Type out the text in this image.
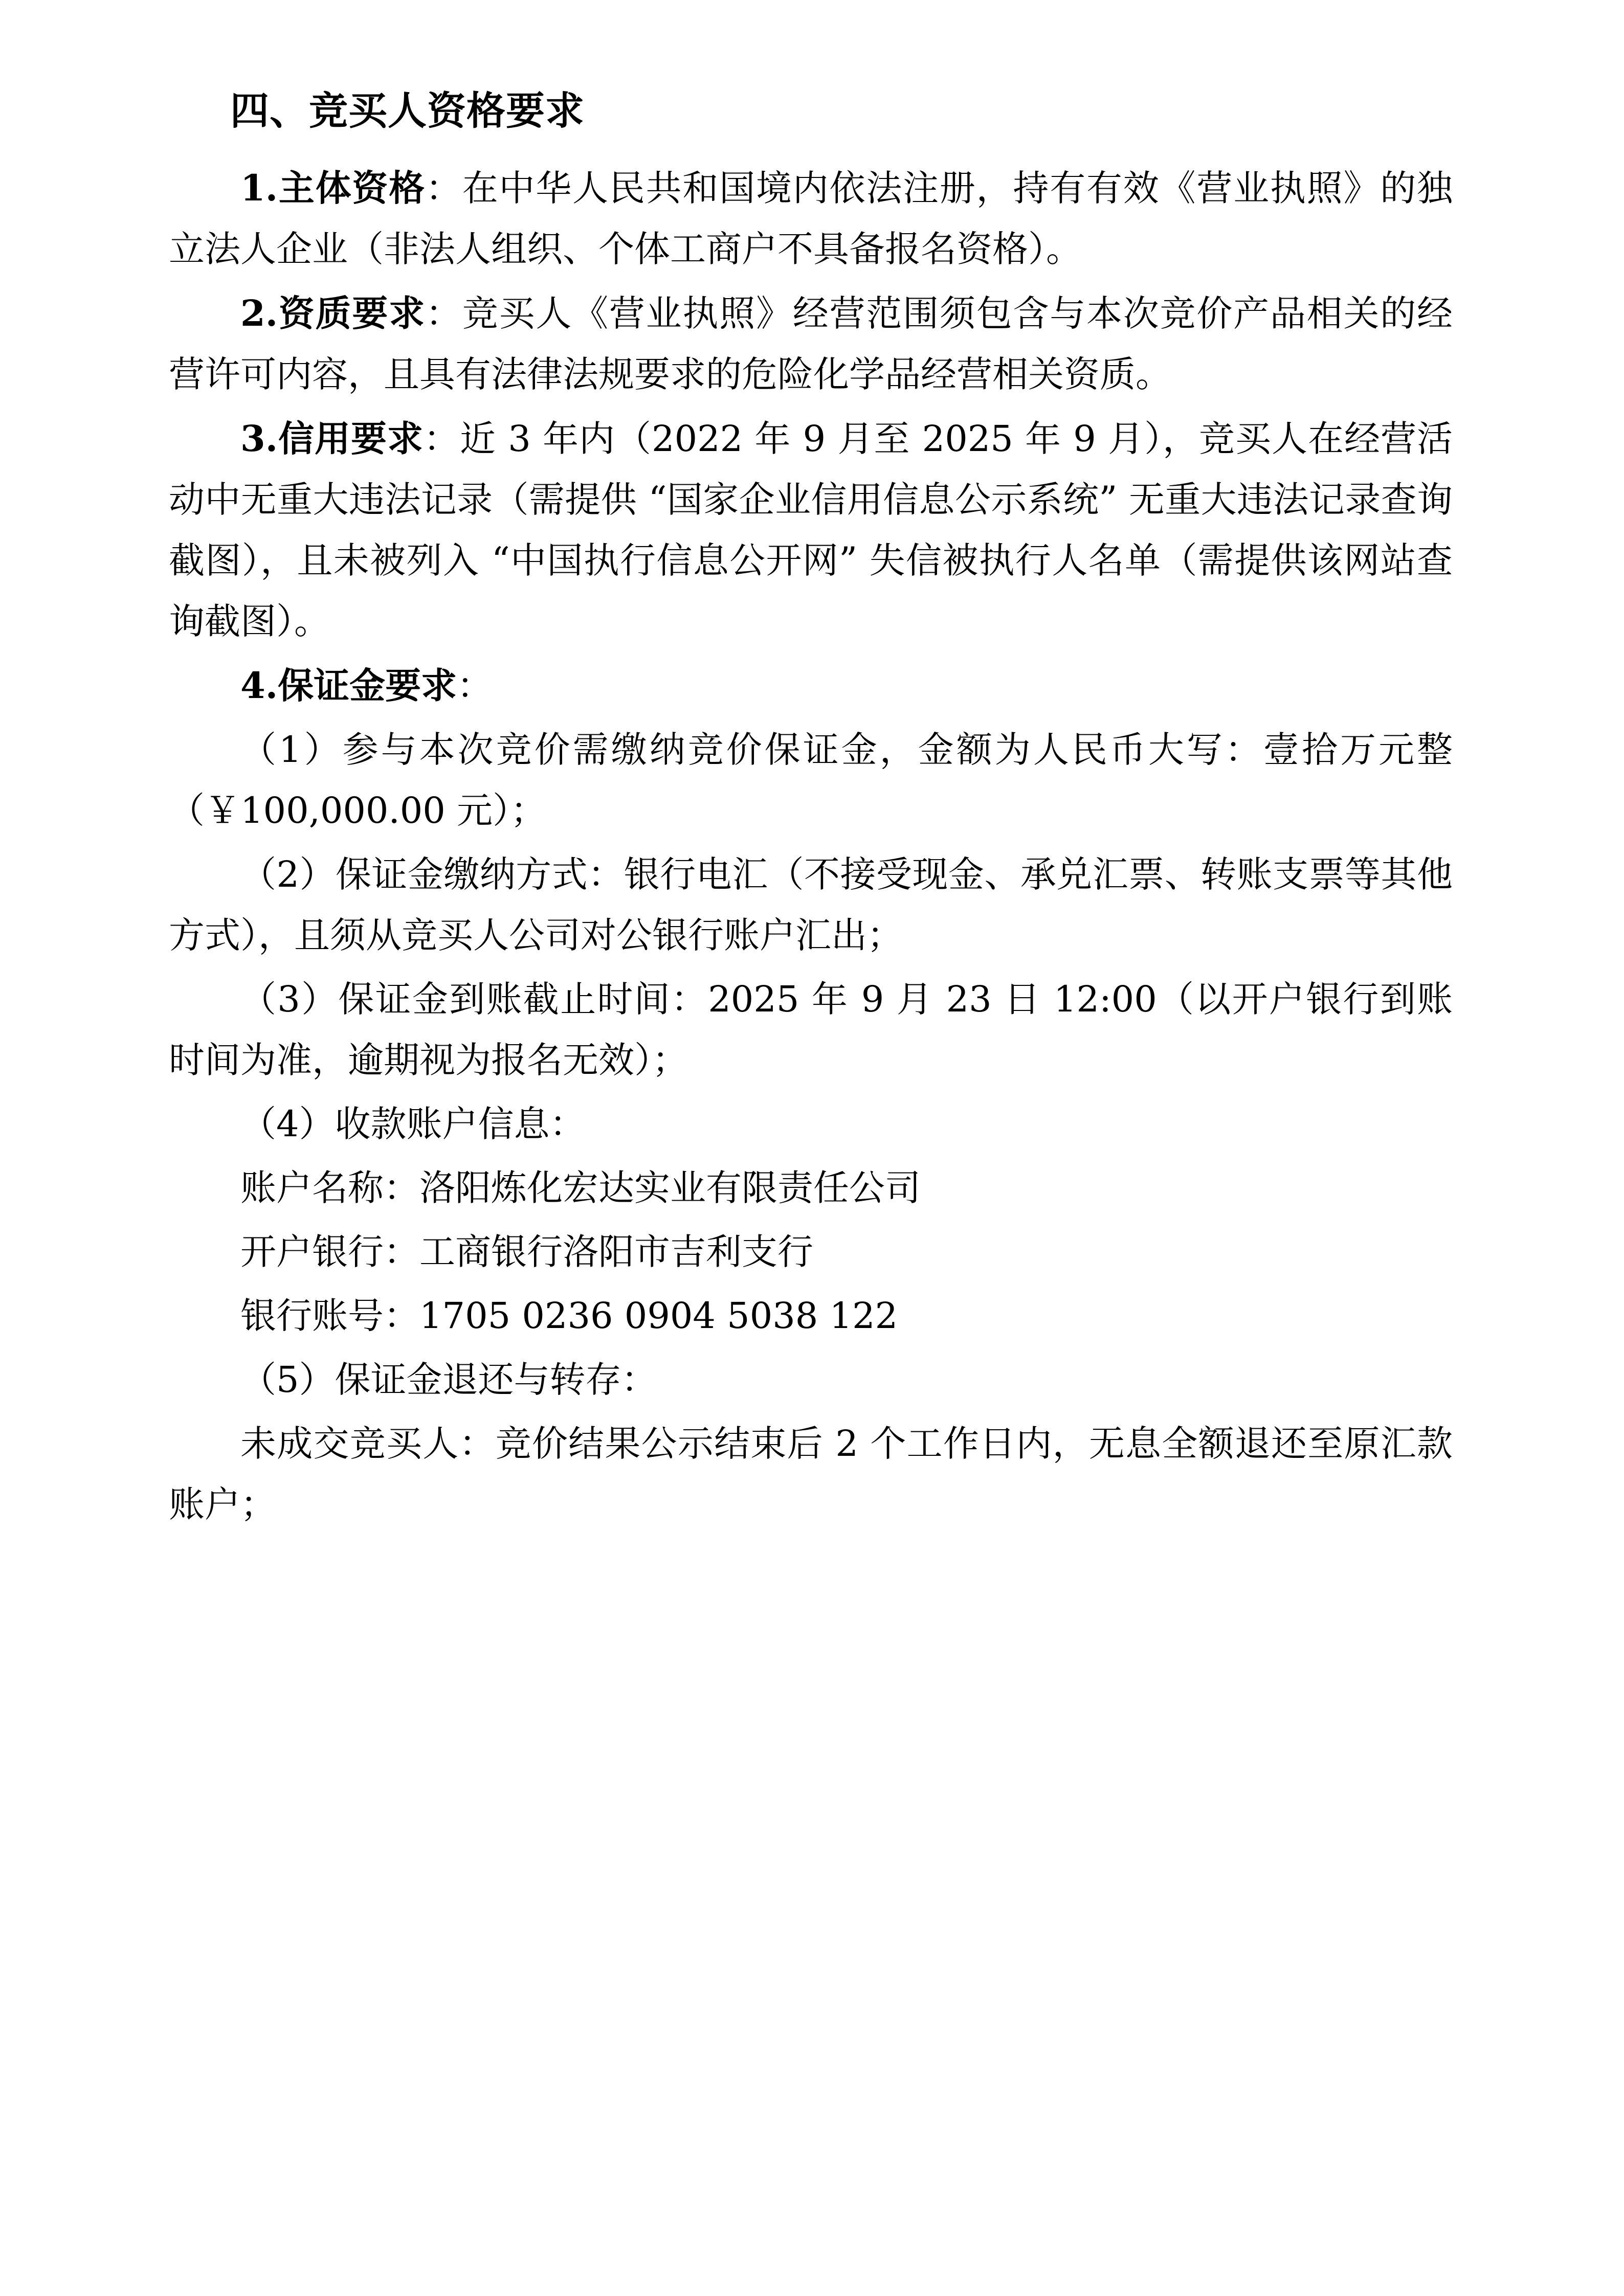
四、竞买人资格要求

1.主体资格：在中华人民共和国境内依法注册，持有有效《营业执照》的独立法人企业（非法人组织、个体工商户不具备报名资格）。

2.资质要求：竞买人《营业执照》经营范围须包含与本次竞价产品相关的经营许可内容，且具有法律法规要求的危险化学品经营相关资质。

3.信用要求：近 3 年内（2022 年 9 月至 2025 年 9 月），竞买人在经营活动中无重大违法记录（需提供 “国家企业信用信息公示系统” 无重大违法记录查询截图），且未被列入 “中国执行信息公开网” 失信被执行人名单（需提供该网站查询截图）。

4.保证金要求：

（1）参与本次竞价需缴纳竞价保证金，金额为人民币大写：壹拾万元整 （￥100,000.00 元）；

（2）保证金缴纳方式：银行电汇（不接受现金、承兑汇票、转账支票等其他方式），且须从竞买人公司对公银行账户汇出；

（3）保证金到账截止时间：2025 年 9 月 23 日 12:00（以开户银行到账时间为准，逾期视为报名无效）；

（4）收款账户信息：

账户名称：洛阳炼化宏达实业有限责任公司

开户银行：工商银行洛阳市吉利支行

银行账号：1705 0236 0904 5038 122

（5）保证金退还与转存：

未成交竞买人：竞价结果公示结束后 2 个工作日内，无息全额退还至原汇款账户；
